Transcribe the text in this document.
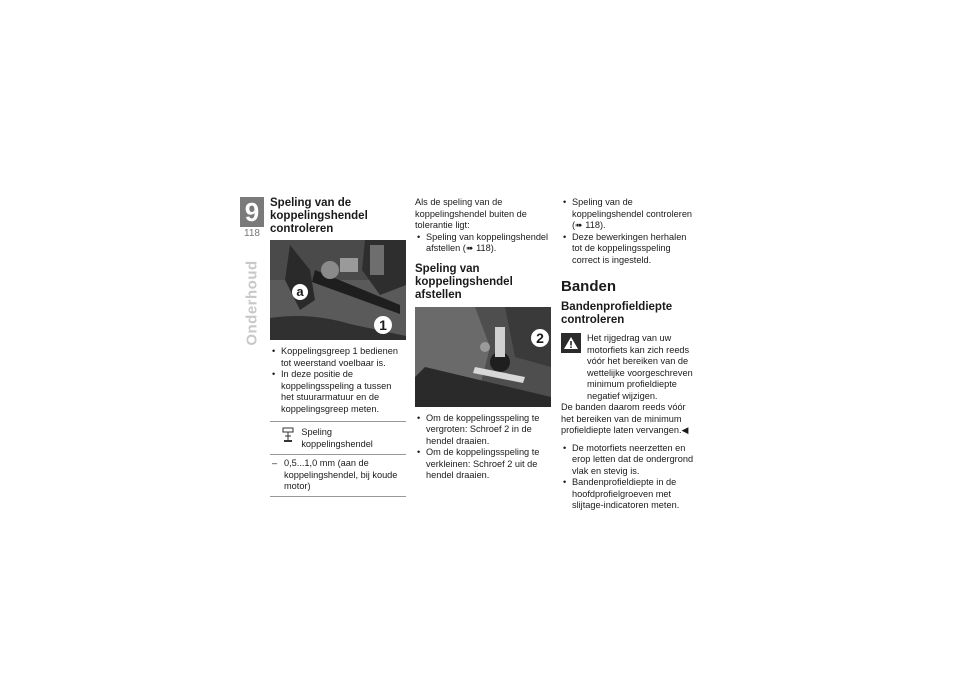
9
118
Onderhoud
Speling van de koppelingshendel controleren
a
1
• Koppelingsgreep 1 bedienen tot weerstand voelbaar is.
• In deze positie de koppelingsspeling a tussen het stuurarmatuur en de koppelingsgreep meten.
Speling koppelingshendel
– 0,5...1,0 mm (aan de koppelingshendel, bij koude motor)

Als de speling van de koppelingshendel buiten de tolerantie ligt:

• Speling van koppelingshendel afstellen (➠ 118).
Speling van koppelingshendel afstellen
2
• Om de koppelingsspeling te vergroten: Schroef 2 in de hendel draaien.
• Om de koppelingsspeling te verkleinen: Schroef 2 uit de hendel draaien.
• Speling van de koppelingshendel controleren (➠ 118).
• Deze bewerkingen herhalen tot de koppelingsspeling correct is ingesteld.
Banden
Bandenprofieldiepte controleren

Het rijgedrag van uw motorfiets kan zich reeds vóór het bereiken van de wettelijke voorgeschreven minimum profieldiepte negatief wijzigen.

De banden daarom reeds vóór het bereiken van de minimum profieldiepte laten vervangen.◀

• De motorfiets neerzetten en erop letten dat de ondergrond vlak en stevig is.
• Bandenprofieldiepte in de hoofdprofielgroeven met slijtage-indicatoren meten.
